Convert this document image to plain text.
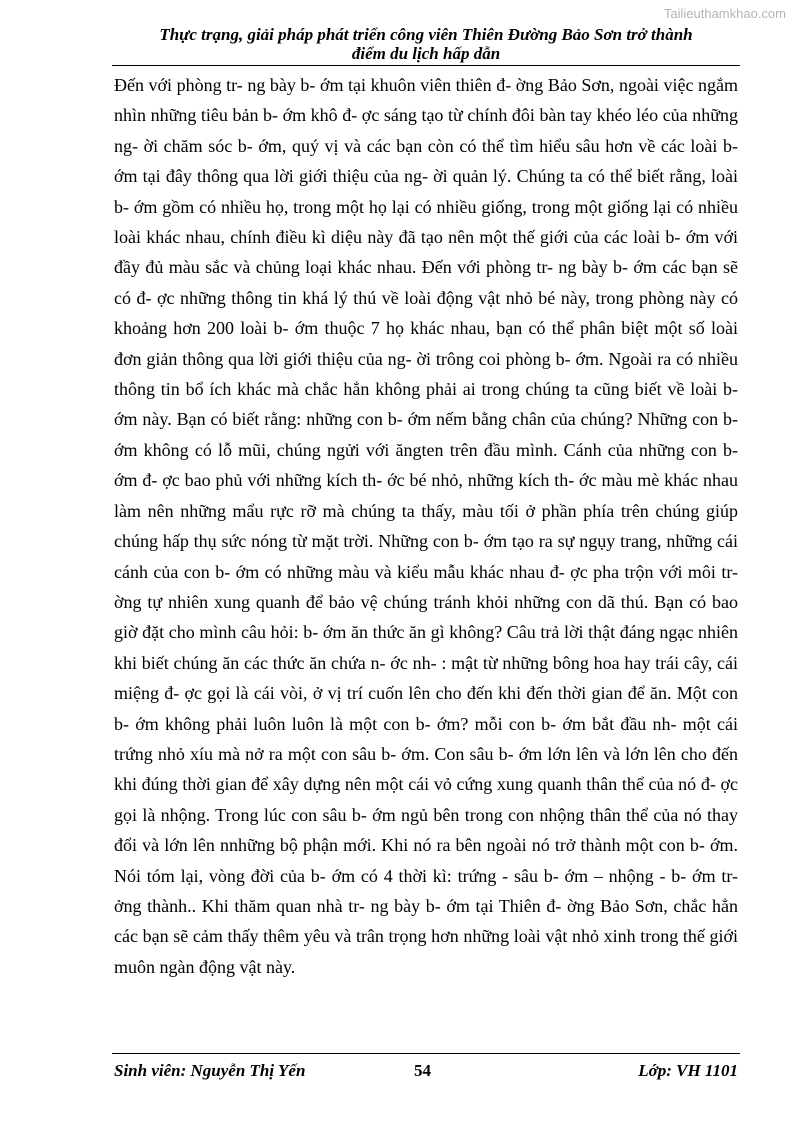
Tailieuthamkhao.com
Thực trạng, giải pháp phát triển công viên Thiên Đường Bảo Sơn trở thành
điểm du lịch hấp dẫn

Đến với phòng tr- ng bày b- ớm tại khuôn viên thiên đ- ờng Bảo Sơn, ngoài việc ngắm nhìn những tiêu bản b- ớm khô đ- ợc sáng tạo từ chính đôi bàn tay khéo léo của những ng- ời chăm sóc b- ớm, quý vị và các bạn còn có thể tìm hiểu sâu hơn về các loài b- ớm tại đây thông qua lời giới thiệu của ng- ời quản lý. Chúng ta có thể biết rằng, loài b- ớm gồm có nhiều họ, trong một họ lại có nhiều giống, trong một giống lại có nhiều loài khác nhau, chính điều kì diệu này đã tạo nên một thế giới của các loài b- ớm với đầy đủ màu sắc và chủng loại khác nhau. Đến với phòng tr- ng bày b- ớm các bạn sẽ có đ- ợc những thông tin khá lý thú về loài động vật nhỏ bé này, trong phòng này có khoảng hơn 200 loài b- ớm thuộc 7 họ khác nhau, bạn có thể phân biệt một số loài đơn giản thông qua lời giới thiệu của ng- ời trông coi phòng b- ớm. Ngoài ra có nhiều thông tin bổ ích khác mà chắc hẳn không phải ai trong chúng ta cũng biết về loài b- ớm này. Bạn có biết rằng: những con b- ớm nếm bằng chân của chúng? Những con b- ớm không có lỗ mũi, chúng ngửi với ăngten trên đầu mình. Cánh của những con b- ớm đ- ợc bao phủ với những kích th- ớc bé nhỏ, những kích th- ớc màu mè khác nhau làm nên những mẩu rực rỡ mà chúng ta thấy, màu tối ở phần phía trên chúng giúp chúng hấp thụ sức nóng từ mặt trời. Những con b- ớm tạo ra sự ngụy trang, những cái cánh của con b- ớm có những màu và kiểu mẫu khác nhau đ- ợc pha trộn với môi tr- ờng tự nhiên xung quanh để bảo vệ chúng tránh khỏi những con dã thú. Bạn có bao giờ đặt cho mình câu hỏi: b- ớm ăn thức ăn gì không? Câu trả lời thật đáng ngạc nhiên khi biết chúng ăn các thức ăn chứa n- ớc nh- : mật từ những bông hoa hay trái cây, cái miệng đ- ợc gọi là cái vòi, ở vị trí cuốn lên cho đến khi đến thời gian để ăn. Một con b- ớm không phải luôn luôn là một con b- ớm? mỗi con b- ớm bắt đầu nh- một cái trứng nhỏ xíu mà nở ra một con sâu b- ớm. Con sâu b- ớm lớn lên và lớn lên cho đến khi đúng thời gian để xây dựng nên một cái vỏ cứng xung quanh thân thể của nó đ- ợc gọi là nhộng. Trong lúc con sâu b- ớm ngủ bên trong con nhộng thân thể của nó thay đổi và lớn lên nnhững bộ phận mới. Khi nó ra bên ngoài nó trở thành một con b- ớm. Nói tóm lại, vòng đời của b- ớm có 4 thời kì: trứng - sâu b- ớm – nhộng - b- ớm tr- ởng thành.. Khi thăm quan nhà tr- ng bày b- ớm tại Thiên đ- ờng Bảo Sơn, chắc hẳn các bạn sẽ cảm thấy thêm yêu và trân trọng hơn những loài vật nhỏ xinh trong thế giới muôn ngàn động vật này.

Sinh viên: Nguyễn Thị Yến	54	Lớp: VH 1101
